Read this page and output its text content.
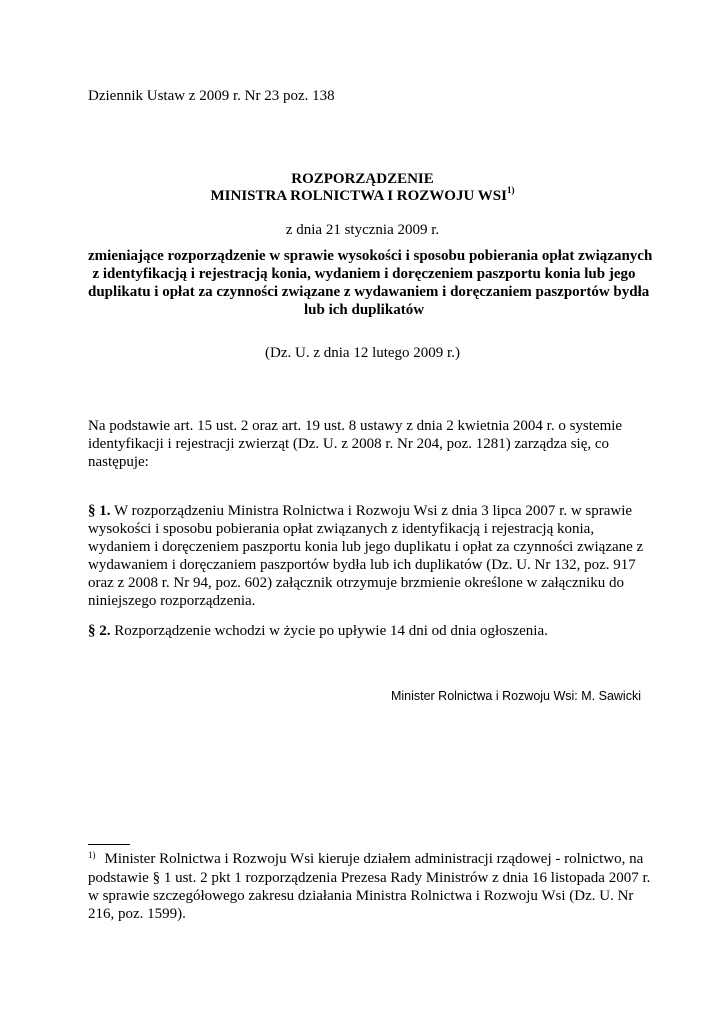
Dziennik Ustaw z 2009 r. Nr 23 poz. 138
ROZPORZĄDZENIE
MINISTRA ROLNICTWA I ROZWOJU WSI$^{1)}$
z dnia 21 stycznia 2009 r.
zmieniające rozporządzenie w sprawie wysokości i sposobu pobierania opłat związanych
z identyfikacją i rejestracją konia, wydaniem i doręczeniem paszportu konia lub jego
duplikatu i opłat za czynności związane z wydawaniem i doręczaniem paszportów bydła
lub ich duplikatów
(Dz. U. z dnia 12 lutego 2009 r.)
Na podstawie art. 15 ust. 2 oraz art. 19 ust. 8 ustawy z dnia 2 kwietnia 2004 r. o systemie
identyfikacji i rejestracji zwierząt (Dz. U. z 2008 r. Nr 204, poz. 1281) zarządza się, co
następuje:
§ 1. W rozporządzeniu Ministra Rolnictwa i Rozwoju Wsi z dnia 3 lipca 2007 r. w sprawie
wysokości i sposobu pobierania opłat związanych z identyfikacją i rejestracją konia,
wydaniem i doręczeniem paszportu konia lub jego duplikatu i opłat za czynności związane z
wydawaniem i doręczaniem paszportów bydła lub ich duplikatów (Dz. U. Nr 132, poz. 917
oraz z 2008 r. Nr 94, poz. 602) załącznik otrzymuje brzmienie określone w załączniku do
niniejszego rozporządzenia.
§ 2. Rozporządzenie wchodzi w życie po upływie 14 dni od dnia ogłoszenia.
Minister Rolnictwa i Rozwoju Wsi: M. Sawicki
$^{1)}$ Minister Rolnictwa i Rozwoju Wsi kieruje działem administracji rządowej - rolnictwo, na
podstawie § 1 ust. 2 pkt 1 rozporządzenia Prezesa Rady Ministrów z dnia 16 listopada 2007 r.
w sprawie szczegółowego zakresu działania Ministra Rolnictwa i Rozwoju Wsi (Dz. U. Nr
216, poz. 1599).
